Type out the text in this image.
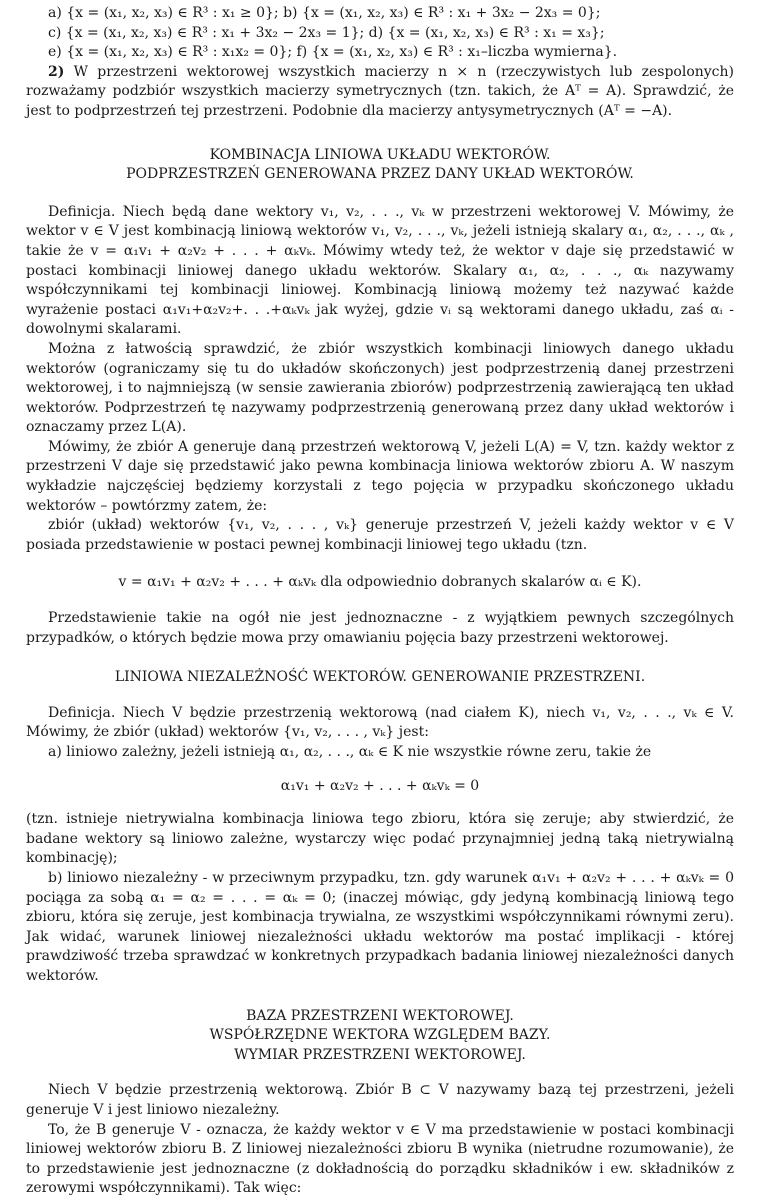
a) {x = (x₁, x₂, x₃) ∈ R³ : x₁ ≥ 0}; b) {x = (x₁, x₂, x₃) ∈ R³ : x₁ + 3x₂ − 2x₃ = 0};

c) {x = (x₁, x₂, x₃) ∈ R³ : x₁ + 3x₂ − 2x₃ = 1}; d) {x = (x₁, x₂, x₃) ∈ R³ : x₁ = x₃};

e) {x = (x₁, x₂, x₃) ∈ R³ : x₁x₂ = 0}; f) {x = (x₁, x₂, x₃) ∈ R³ : x₁–liczba wymierna}.

2) W przestrzeni wektorowej wszystkich macierzy n × n (rzeczywistych lub zespolonych) rozważamy podzbiór wszystkich macierzy symetrycznych (tzn. takich, że Aᵀ = A). Sprawdzić, że jest to podprzestrzeń tej przestrzeni. Podobnie dla macierzy antysymetrycznych (Aᵀ = −A).

KOMBINACJA LINIOWA UKŁADU WEKTORÓW.
PODPRZESTRZEŃ GENEROWANA PRZEZ DANY UKŁAD WEKTORÓW.

Definicja. Niech będą dane wektory v₁, v₂, . . ., vₖ w przestrzeni wektorowej V. Mówimy, że wektor v ∈ V jest kombinacją liniową wektorów v₁, v₂, . . ., vₖ, jeżeli istnieją skalary α₁, α₂, . . ., αₖ , takie że v = α₁v₁ + α₂v₂ + . . . + αₖvₖ. Mówimy wtedy też, że wektor v daje się przedstawić w postaci kombinacji liniowej danego układu wektorów. Skalary α₁, α₂, . . ., αₖ nazywamy współczynnikami tej kombinacji liniowej. Kombinacją liniową możemy też nazywać każde wyrażenie postaci α₁v₁+α₂v₂+. . .+αₖvₖ jak wyżej, gdzie vᵢ są wektorami danego układu, zaś αᵢ - dowolnymi skalarami.

Można z łatwością sprawdzić, że zbiór wszystkich kombinacji liniowych danego układu wektorów (ograniczamy się tu do układów skończonych) jest podprzestrzenią danej przestrzeni wektorowej, i to najmniejszą (w sensie zawierania zbiorów) podprzestrzenią zawierającą ten układ wektorów. Podprzestrzeń tę nazywamy podprzestrzenią generowaną przez dany układ wektorów i oznaczamy przez L(A).

Mówimy, że zbiór A generuje daną przestrzeń wektorową V, jeżeli L(A) = V, tzn. każdy wektor z przestrzeni V daje się przedstawić jako pewna kombinacja liniowa wektorów zbioru A. W naszym wykładzie najczęściej będziemy korzystali z tego pojęcia w przypadku skończonego układu wektorów – powtórzmy zatem, że:

zbiór (układ) wektorów {v₁, v₂, . . . , vₖ} generuje przestrzeń V, jeżeli każdy wektor v ∈ V posiada przedstawienie w postaci pewnej kombinacji liniowej tego układu (tzn.

v = α₁v₁ + α₂v₂ + . . . + αₖvₖ dla odpowiednio dobranych skalarów αᵢ ∈ K).

Przedstawienie takie na ogół nie jest jednoznaczne - z wyjątkiem pewnych szczególnych przypadków, o których będzie mowa przy omawianiu pojęcia bazy przestrzeni wektorowej.

LINIOWA NIEZALEŻNOŚĆ WEKTORÓW. GENEROWANIE PRZESTRZENI.

Definicja. Niech V będzie przestrzenią wektorową (nad ciałem K), niech v₁, v₂, . . ., vₖ ∈ V. Mówimy, że zbiór (układ) wektorów {v₁, v₂, . . . , vₖ} jest:

a) liniowo zależny, jeżeli istnieją α₁, α₂, . . ., αₖ ∈ K nie wszystkie równe zeru, takie że

α₁v₁ + α₂v₂ + . . . + αₖvₖ = 0

(tzn. istnieje nietrywialna kombinacja liniowa tego zbioru, która się zeruje; aby stwierdzić, że badane wektory są liniowo zależne, wystarczy więc podać przynajmniej jedną taką nietrywialną kombinację);

b) liniowo niezależny - w przeciwnym przypadku, tzn. gdy warunek α₁v₁ + α₂v₂ + . . . + αₖvₖ = 0 pociąga za sobą α₁ = α₂ = . . . = αₖ = 0; (inaczej mówiąc, gdy jedyną kombinacją liniową tego zbioru, która się zeruje, jest kombinacja trywialna, ze wszystkimi współczynnikami równymi zeru). Jak widać, warunek liniowej niezależności układu wektorów ma postać implikacji - której prawdziwość trzeba sprawdzać w konkretnych przypadkach badania liniowej niezależności danych wektorów.

BAZA PRZESTRZENI WEKTOROWEJ.
WSPÓŁRZĘDNE WEKTORA WZGLĘDEM BAZY.
WYMIAR PRZESTRZENI WEKTOROWEJ.

Niech V będzie przestrzenią wektorową. Zbiór B ⊂ V nazywamy bazą tej przestrzeni, jeżeli generuje V i jest liniowo niezależny.

To, że B generuje V - oznacza, że każdy wektor v ∈ V ma przedstawienie w postaci kombinacji liniowej wektorów zbioru B. Z liniowej niezależności zbioru B wynika (nietrudne rozumowanie), że to przedstawienie jest jednoznaczne (z dokładnością do porządku składników i ew. składników z zerowymi współczynnikami). Tak więc:
